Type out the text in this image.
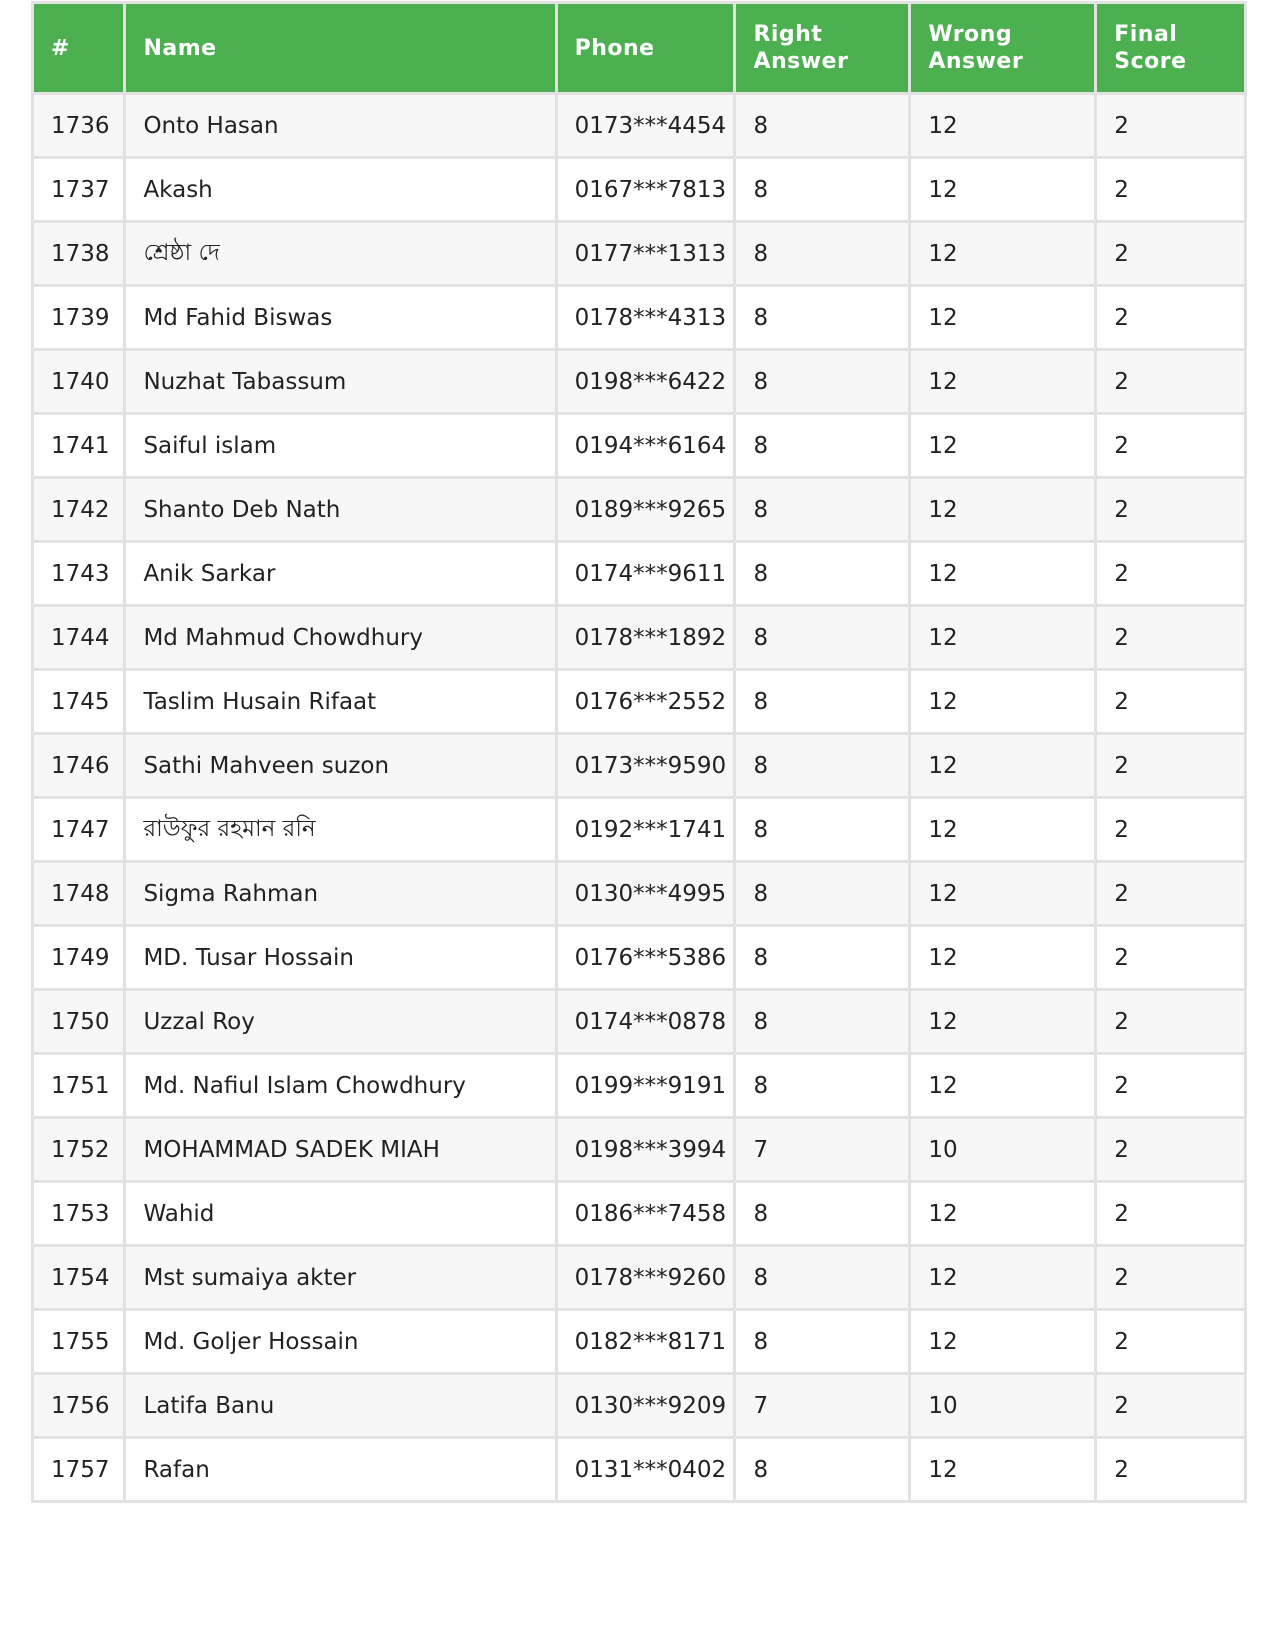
#	Name	Phone	Right Answer	Wrong Answer	Final Score
1736	Onto Hasan	0173***4454	8	12	2
1737	Akash	0167***7813	8	12	2
1738	শ্রেষ্ঠা দে	0177***1313	8	12	2
1739	Md Fahid Biswas	0178***4313	8	12	2
1740	Nuzhat Tabassum	0198***6422	8	12	2
1741	Saiful islam	0194***6164	8	12	2
1742	Shanto Deb Nath	0189***9265	8	12	2
1743	Anik Sarkar	0174***9611	8	12	2
1744	Md Mahmud Chowdhury	0178***1892	8	12	2
1745	Taslim Husain Rifaat	0176***2552	8	12	2
1746	Sathi Mahveen suzon	0173***9590	8	12	2
1747	রাউফুর রহমান রনি	0192***1741	8	12	2
1748	Sigma Rahman	0130***4995	8	12	2
1749	MD. Tusar Hossain	0176***5386	8	12	2
1750	Uzzal Roy	0174***0878	8	12	2
1751	Md. Nafiul Islam Chowdhury	0199***9191	8	12	2
1752	MOHAMMAD SADEK MIAH	0198***3994	7	10	2
1753	Wahid	0186***7458	8	12	2
1754	Mst sumaiya akter	0178***9260	8	12	2
1755	Md. Goljer Hossain	0182***8171	8	12	2
1756	Latifa Banu	0130***9209	7	10	2
1757	Rafan	0131***0402	8	12	2
